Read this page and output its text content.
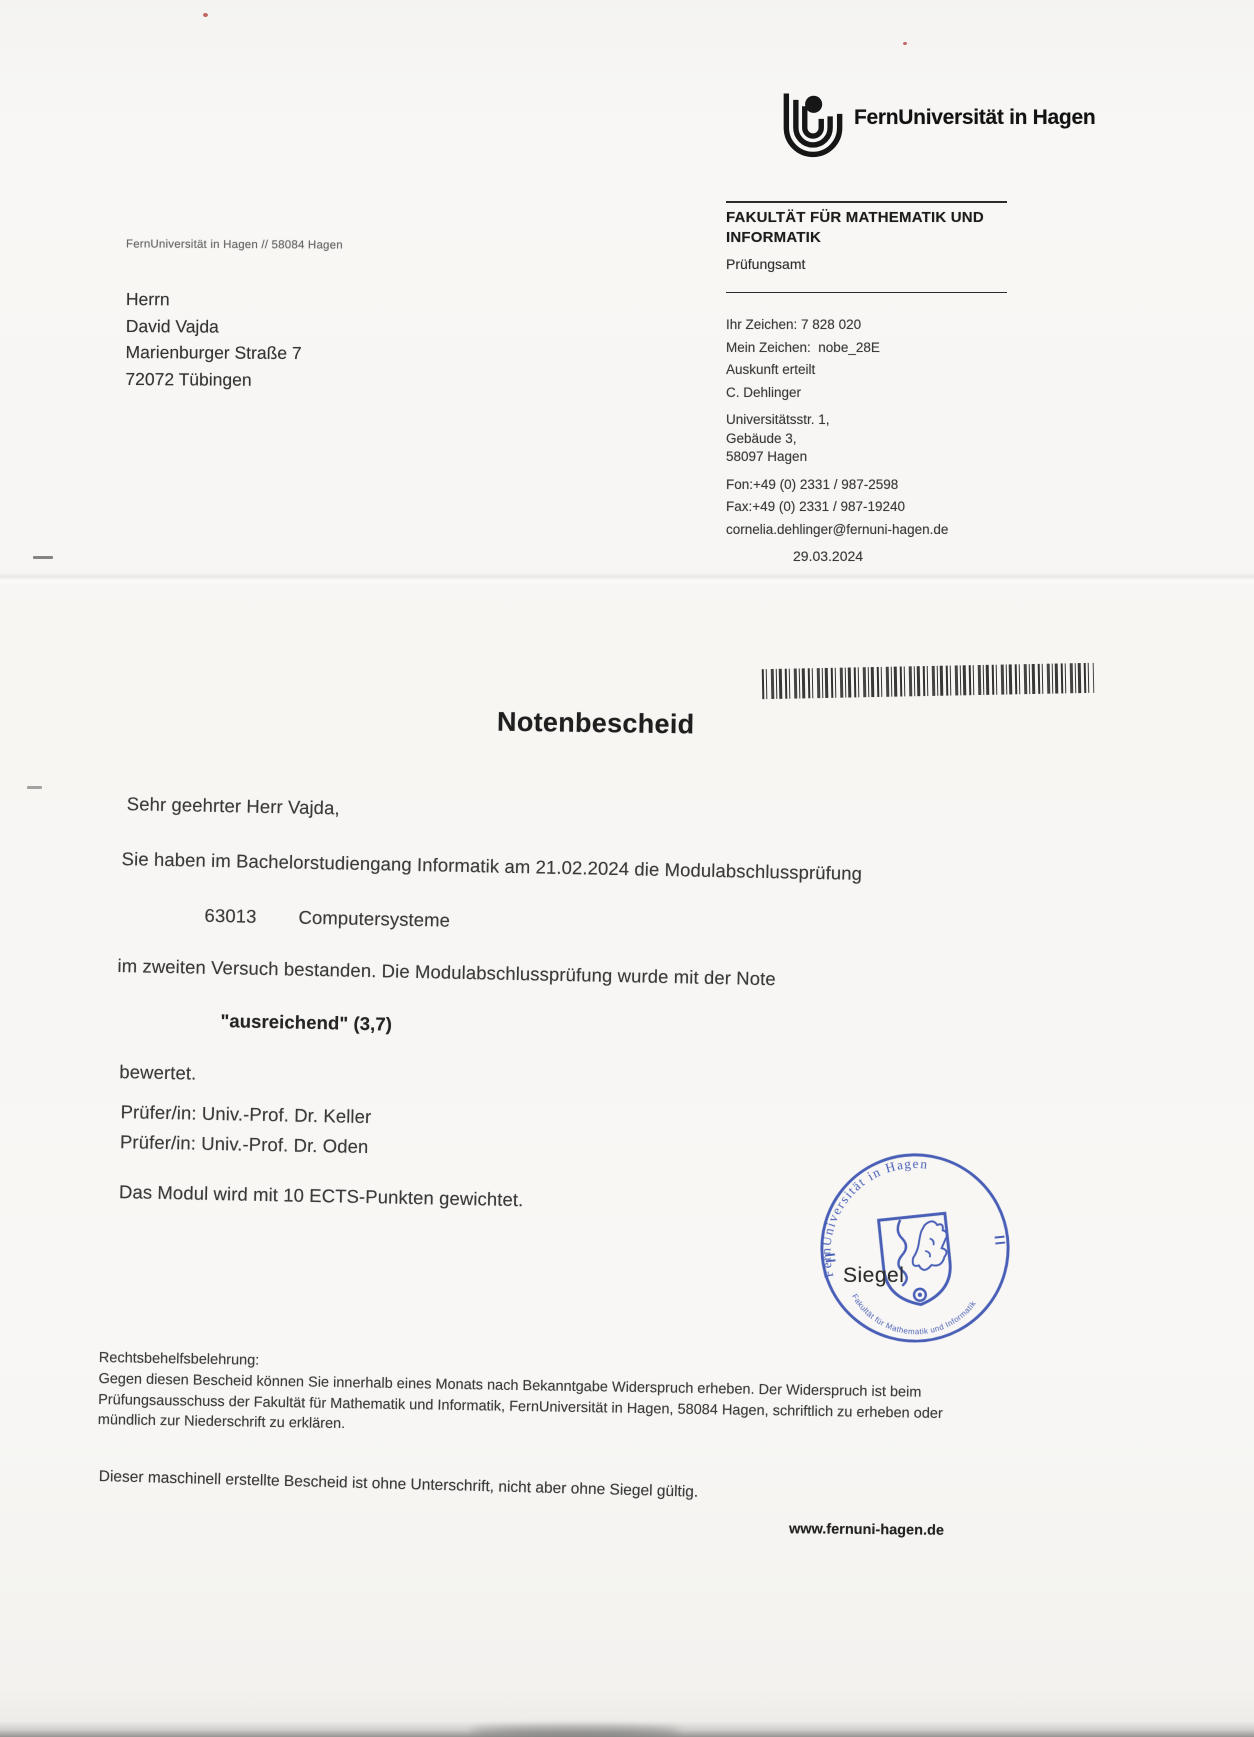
FernUniversität in Hagen
FAKULTÄT FÜR MATHEMATIK UND INFORMATIK
Prüfungsamt
FernUniversität in Hagen // 58084 Hagen
Herrn
David Vajda
Marienburger Straße 7
72072 Tübingen
Ihr Zeichen: 7 828 020
Mein Zeichen:  nobe_28E
Auskunft erteilt
C. Dehlinger
Universitätsstr. 1,
Gebäude 3,
58097 Hagen
Fon:+49 (0) 2331 / 987-2598
Fax:+49 (0) 2331 / 987-19240
cornelia.dehlinger@fernuni-hagen.de
29.03.2024
Notenbescheid
Sehr geehrter Herr Vajda,
Sie haben im Bachelorstudiengang Informatik am 21.02.2024 die Modulabschlussprüfung
63013 Computersysteme
im zweiten Versuch bestanden. Die Modulabschlussprüfung wurde mit der Note
"ausreichend" (3,7)
bewertet.
Prüfer/in: Univ.-Prof. Dr. Keller
Prüfer/in: Univ.-Prof. Dr. Oden
Das Modul wird mit 10 ECTS-Punkten gewichtet.
FernUniversität in Hagen
Fakultät für Mathematik und Informatik
Siegel
Rechtsbehelfsbelehrung:
Gegen diesen Bescheid können Sie innerhalb eines Monats nach Bekanntgabe Widerspruch erheben. Der Widerspruch ist beim Prüfungsausschuss der Fakultät für Mathematik und Informatik, FernUniversität in Hagen, 58084 Hagen, schriftlich zu erheben oder mündlich zur Niederschrift zu erklären.
Dieser maschinell erstellte Bescheid ist ohne Unterschrift, nicht aber ohne Siegel gültig.
www.fernuni-hagen.de
